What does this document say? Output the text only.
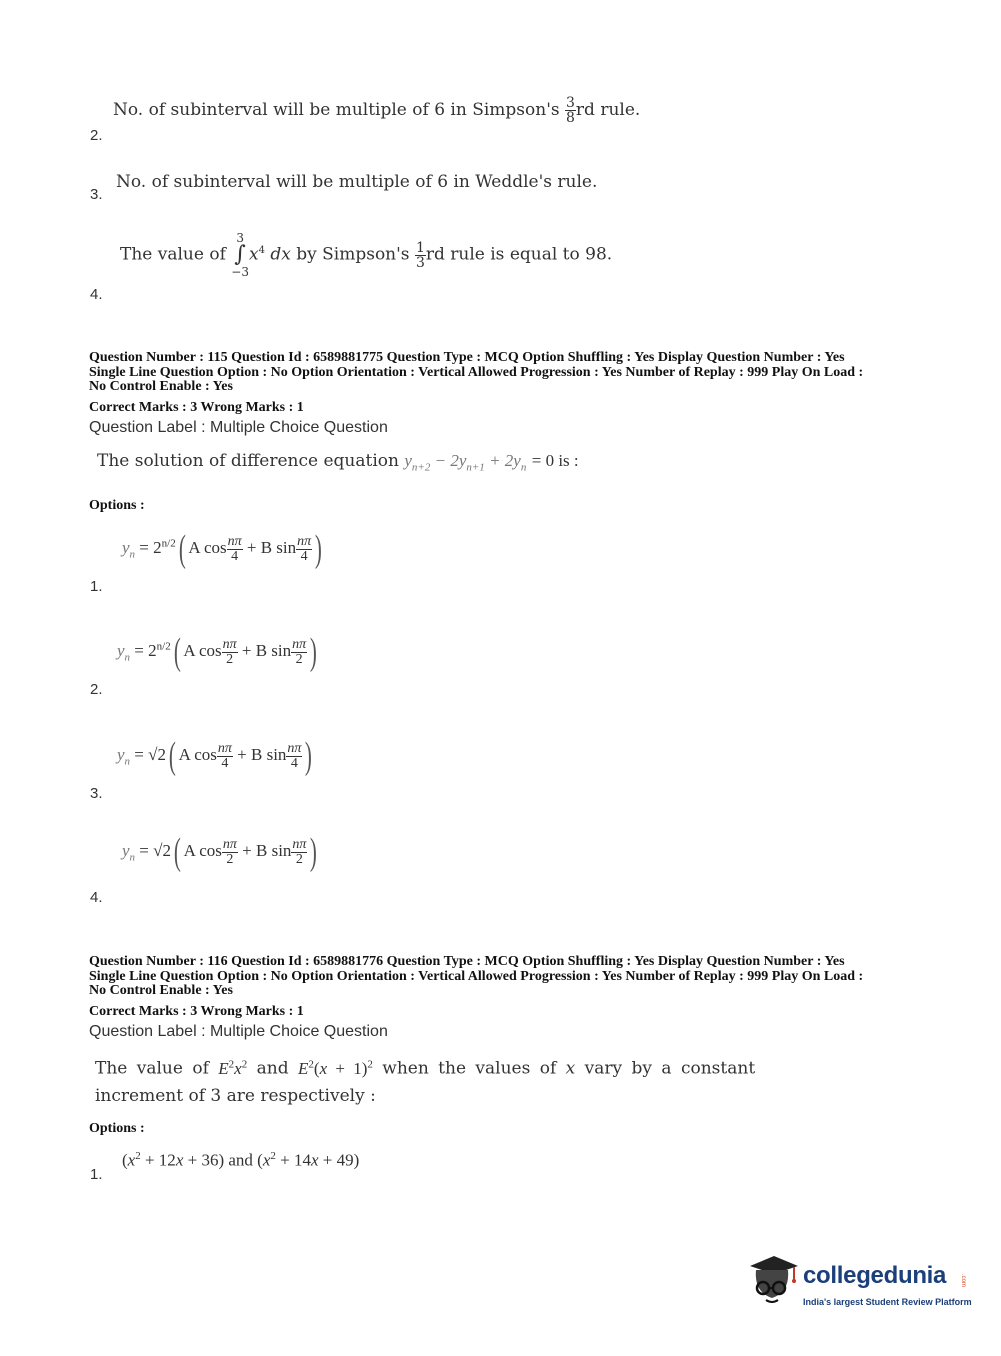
No. of subinterval will be multiple of 6 in Simpson's $\frac{3}{8}$ rd rule.
2.
No. of subinterval will be multiple of 6 in Weddle's rule.
3.
The value of 3
∫
$-3x^4$ dx by Simpson's $\frac{1}{3}$ rd rule is equal to 98.
4.
Question Number : 115 Question Id : 6589881775 Question Type : MCQ Option Shuffling : Yes Display Question Number : Yes
Single Line Question Option : No Option Orientation : Vertical Allowed Progression : Yes Number of Replay : 999 Play On Load :
No Control Enable : Yes
Correct Marks : 3 Wrong Marks : 1
Question Label : Multiple Choice Question
The solution of difference equation $y_{n+2} - 2y_{n+1} + 2y_n = 0$ is :
Options :
$y_n = 2^{n/2}$( A $\cos \frac{n\pi}{4} + B$ $\sin \frac{n\pi}{4}$ )
1.
$y_n = 2^{n/2}$( A $\cos \frac{n\pi}{2} + B$ $\sin \frac{n\pi}{2}$ )
2.
$y_n = √2$( A $\cos \frac{n\pi}{4} + B$ $\sin \frac{n\pi}{4}$ )
3.
$y_n = √2$( A $\cos \frac{n\pi}{2} + B$ $\sin \frac{n\pi}{2}$ )
4.
Question Number : 116 Question Id : 6589881776 Question Type : MCQ Option Shuffling : Yes Display Question Number : Yes
Single Line Question Option : No Option Orientation : Vertical Allowed Progression : Yes Number of Replay : 999 Play On Load :
No Control Enable : Yes
Correct Marks : 3 Wrong Marks : 1
Question Label : Multiple Choice Question
The value of $E^2x^2$ and $E^2(x + 1)^2$ when the values of x vary by a constant
increment of 3 are respectively :
Options :
$(x^2 + 12x + 36)$ and $(x^2 + 14x + 49)$
1.
collegedunia .com
India's largest Student Review Platform
